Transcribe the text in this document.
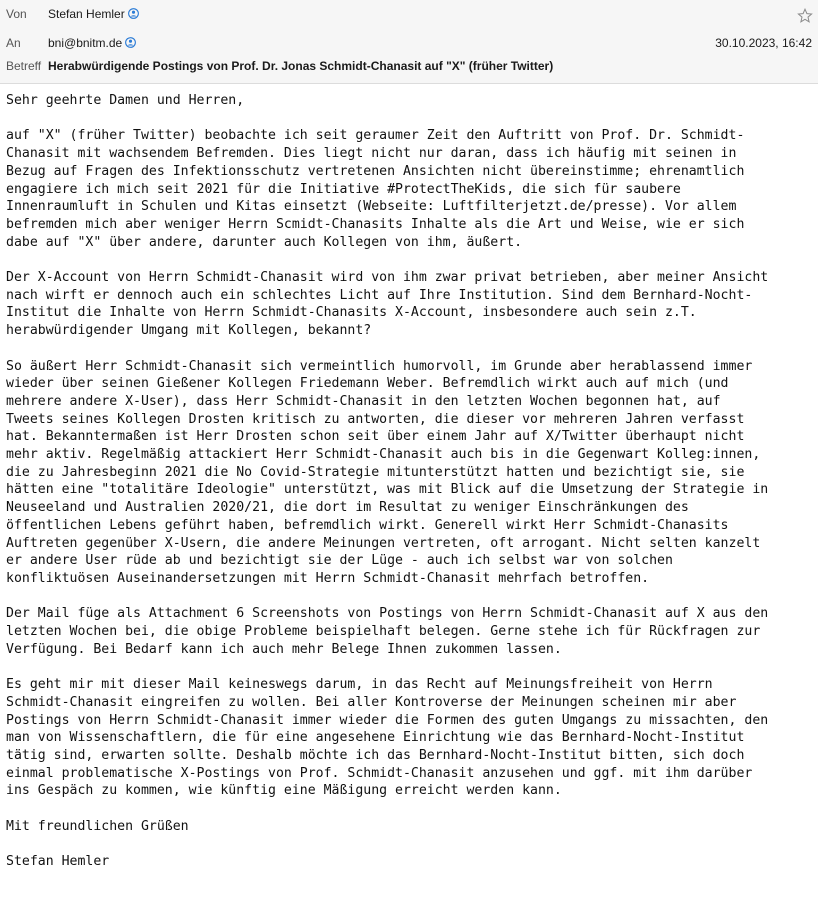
Von Stefan Hemler
An bni@bnitm.de	30.10.2023, 16:42
Betreff Herabwürdigende Postings von Prof. Dr. Jonas Schmidt-Chanasit auf "X" (früher Twitter)
Sehr geehrte Damen und Herren,

auf "X" (früher Twitter) beobachte ich seit geraumer Zeit den Auftritt von Prof. Dr. Schmidt-
Chanasit mit wachsendem Befremden. Dies liegt nicht nur daran, dass ich häufig mit seinen in
Bezug auf Fragen des Infektionsschutz vertretenen Ansichten nicht übereinstimme; ehrenamtlich
engagiere ich mich seit 2021 für die Initiative #ProtectTheKids, die sich für saubere
Innenraumluft in Schulen und Kitas einsetzt (Webseite: Luftfilterjetzt.de/presse). Vor allem
befremden mich aber weniger Herrn Scmidt-Chanasits Inhalte als die Art und Weise, wie er sich
dabe auf "X" über andere, darunter auch Kollegen von ihm, äußert.

Der X-Account von Herrn Schmidt-Chanasit wird von ihm zwar privat betrieben, aber meiner Ansicht
nach wirft er dennoch auch ein schlechtes Licht auf Ihre Institution. Sind dem Bernhard-Nocht-
Institut die Inhalte von Herrn Schmidt-Chanasits X-Account, insbesondere auch sein z.T.
herabwürdigender Umgang mit Kollegen, bekannt?

So äußert Herr Schmidt-Chanasit sich vermeintlich humorvoll, im Grunde aber herablassend immer
wieder über seinen Gießener Kollegen Friedemann Weber. Befremdlich wirkt auch auf mich (und
mehrere andere X-User), dass Herr Schmidt-Chanasit in den letzten Wochen begonnen hat, auf
Tweets seines Kollegen Drosten kritisch zu antworten, die dieser vor mehreren Jahren verfasst
hat. Bekanntermaßen ist Herr Drosten schon seit über einem Jahr auf X/Twitter überhaupt nicht
mehr aktiv. Regelmäßig attackiert Herr Schmidt-Chanasit auch bis in die Gegenwart Kolleg:innen,
die zu Jahresbeginn 2021 die No Covid-Strategie mitunterstützt hatten und bezichtigt sie, sie
hätten eine "totalitäre Ideologie" unterstützt, was mit Blick auf die Umsetzung der Strategie in
Neuseeland und Australien 2020/21, die dort im Resultat zu weniger Einschränkungen des
öffentlichen Lebens geführt haben, befremdlich wirkt. Generell wirkt Herr Schmidt-Chanasits
Auftreten gegenüber X-Usern, die andere Meinungen vertreten, oft arrogant. Nicht selten kanzelt
er andere User rüde ab und bezichtigt sie der Lüge - auch ich selbst war von solchen
konfliktuösen Auseinandersetzungen mit Herrn Schmidt-Chanasit mehrfach betroffen.

Der Mail füge als Attachment 6 Screenshots von Postings von Herrn Schmidt-Chanasit auf X aus den
letzten Wochen bei, die obige Probleme beispielhaft belegen. Gerne stehe ich für Rückfragen zur
Verfügung. Bei Bedarf kann ich auch mehr Belege Ihnen zukommen lassen.

Es geht mir mit dieser Mail keineswegs darum, in das Recht auf Meinungsfreiheit von Herrn
Schmidt-Chanasit eingreifen zu wollen. Bei aller Kontroverse der Meinungen scheinen mir aber
Postings von Herrn Schmidt-Chanasit immer wieder die Formen des guten Umgangs zu missachten, den
man von Wissenschaftlern, die für eine angesehene Einrichtung wie das Bernhard-Nocht-Institut
tätig sind, erwarten sollte. Deshalb möchte ich das Bernhard-Nocht-Institut bitten, sich doch
einmal problematische X-Postings von Prof. Schmidt-Chanasit anzusehen und ggf. mit ihm darüber
ins Gespäch zu kommen, wie künftig eine Mäßigung erreicht werden kann.

Mit freundlichen Grüßen

Stefan Hemler
